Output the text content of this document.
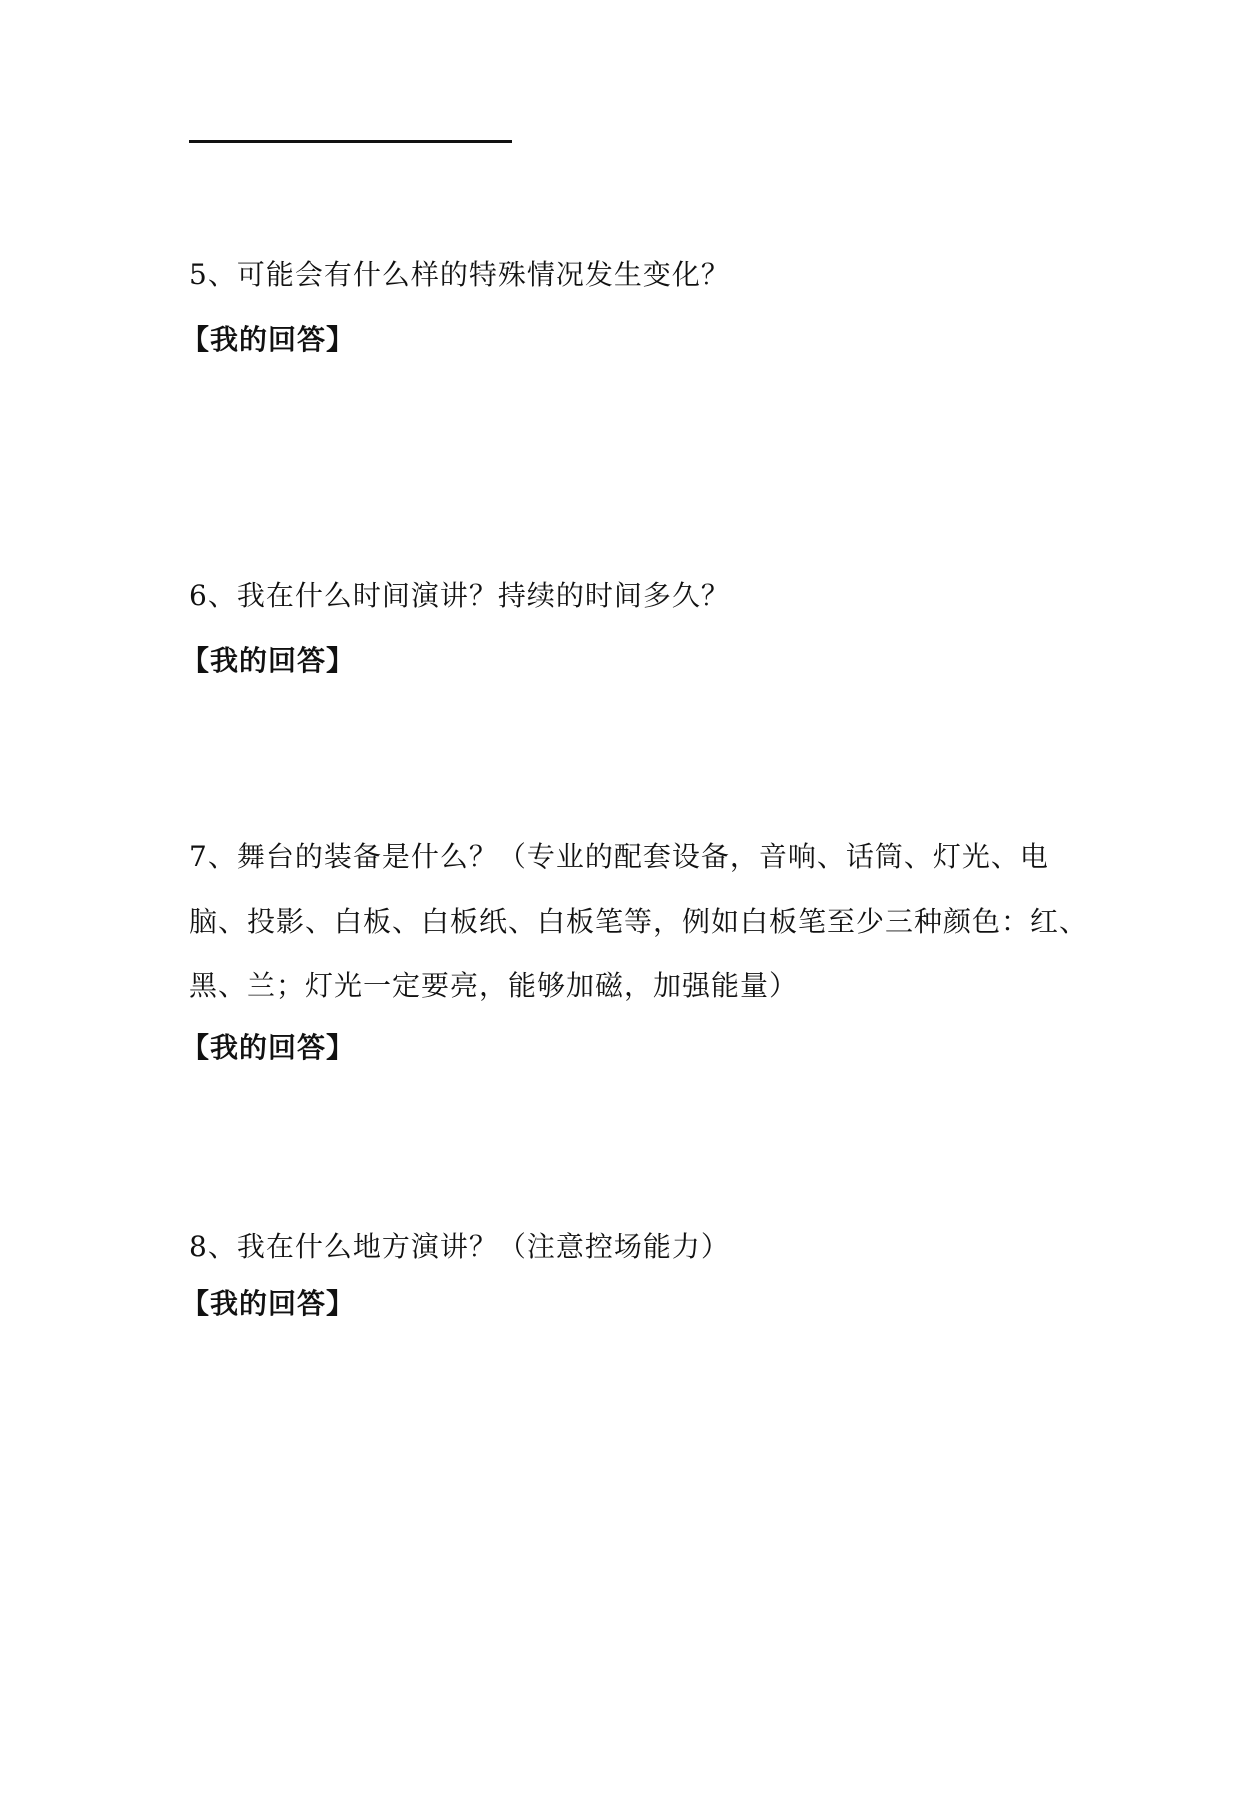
5、可能会有什么样的特殊情况发生变化？

【我的回答】

6、我在什么时间演讲？持续的时间多久？

【我的回答】

7、舞台的装备是什么？（专业的配套设备，音响、话筒、灯光、电

脑、投影、白板、白板纸、白板笔等，例如白板笔至少三种颜色：红、

黑、兰；灯光一定要亮，能够加磁，加强能量）

【我的回答】

8、我在什么地方演讲？（注意控场能力）

【我的回答】
